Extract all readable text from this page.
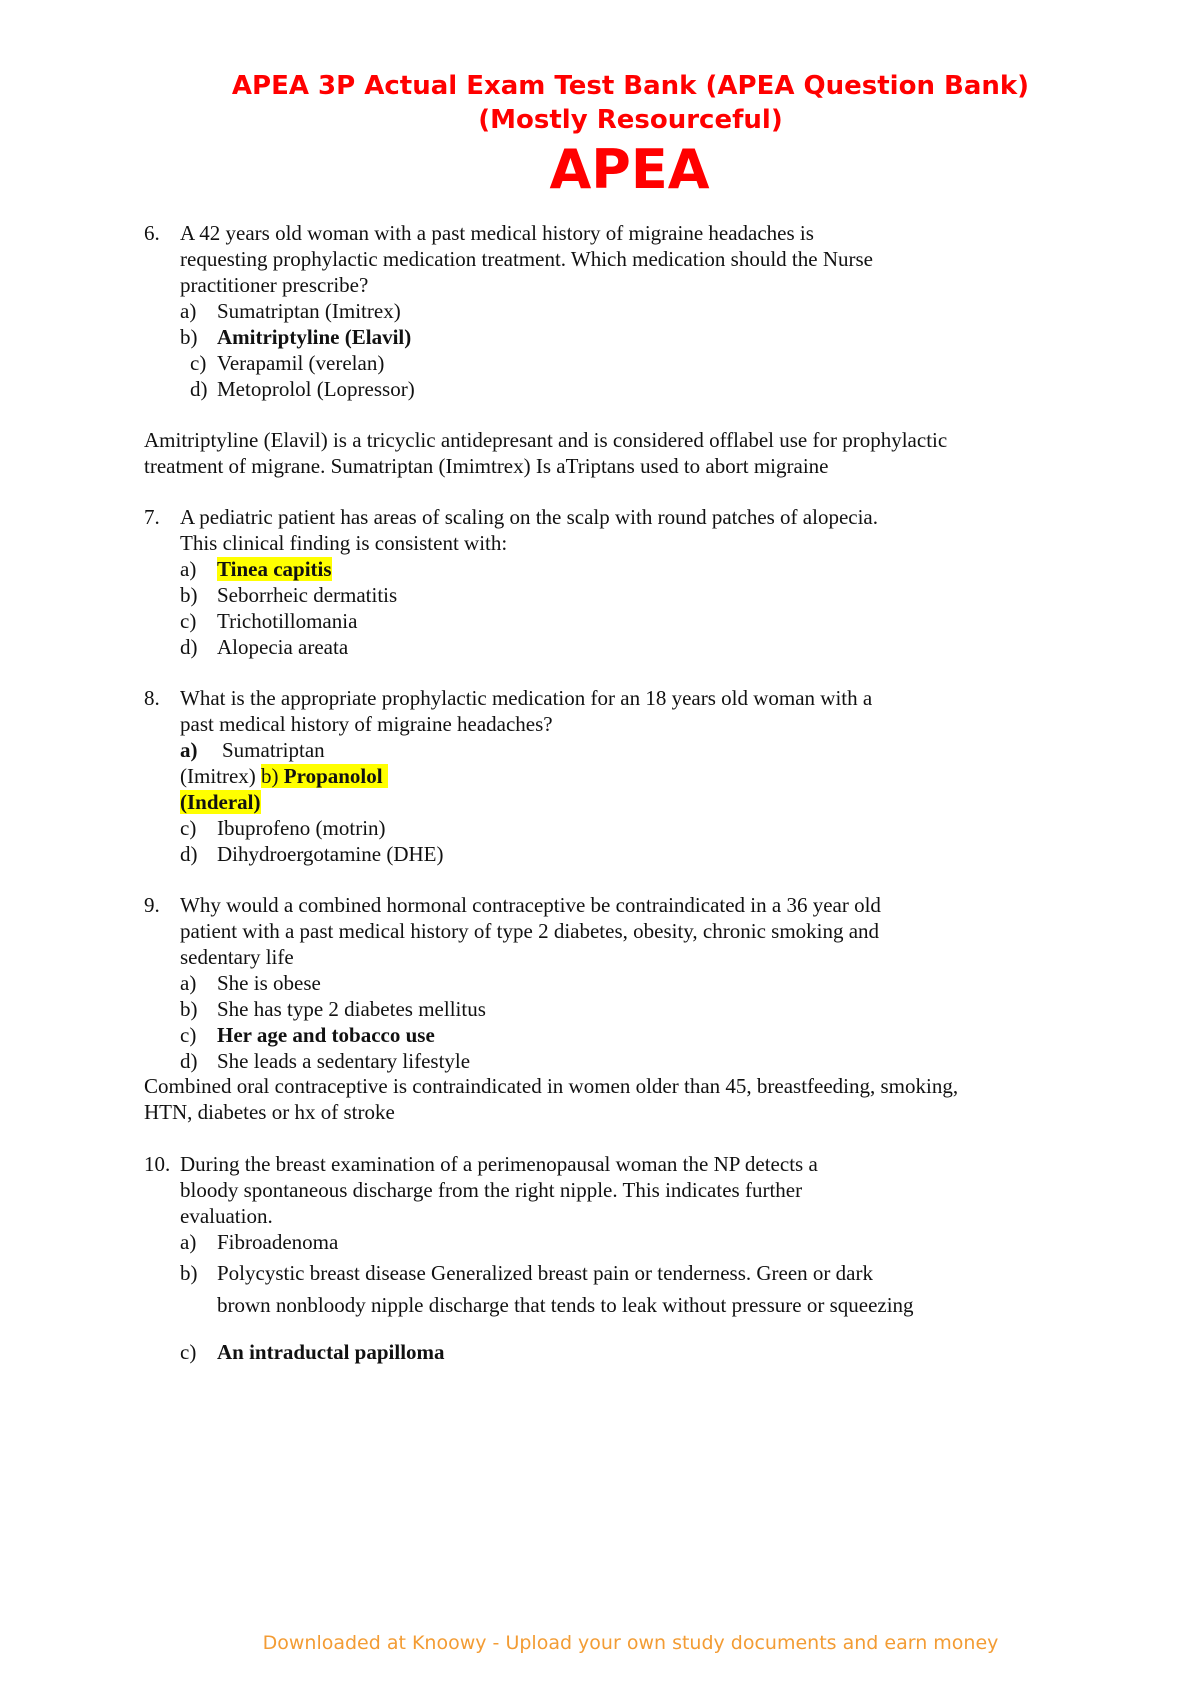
APEA 3P Actual Exam Test Bank (APEA Question Bank)
(Mostly Resourceful)
APEA
6. A 42 years old woman with a past medical history of migraine headaches is
requesting prophylactic medication treatment. Which medication should the Nurse
practitioner prescribe?
a) Sumatriptan (Imitrex)
b) Amitriptyline (Elavil)
c) Verapamil (verelan)
d) Metoprolol (Lopressor)
Amitriptyline (Elavil) is a tricyclic antidepresant and is considered offlabel use for prophylactic
treatment of migrane. Sumatriptan (Imimtrex) Is aTriptans used to abort migraine
7. A pediatric patient has areas of scaling on the scalp with round patches of alopecia.
This clinical finding is consistent with:
a) Tinea capitis
b) Seborrheic dermatitis
c) Trichotillomania
d) Alopecia areata
8. What is the appropriate prophylactic medication for an 18 years old woman with a
past medical history of migraine headaches?
a) Sumatriptan
(Imitrex) b) Propanolol
(Inderal)
c) Ibuprofeno (motrin)
d) Dihydroergotamine (DHE)
9. Why would a combined hormonal contraceptive be contraindicated in a 36 year old
patient with a past medical history of type 2 diabetes, obesity, chronic smoking and
sedentary life
a) She is obese
b) She has type 2 diabetes mellitus
c) Her age and tobacco use
d) She leads a sedentary lifestyle
Combined oral contraceptive is contraindicated in women older than 45, breastfeeding, smoking,
HTN, diabetes or hx of stroke
10. During the breast examination of a perimenopausal woman the NP detects a
bloody spontaneous discharge from the right nipple. This indicates further
evaluation.
a) Fibroadenoma
b) Polycystic breast disease Generalized breast pain or tenderness. Green or dark
brown nonbloody nipple discharge that tends to leak without pressure or squeezing
c) An intraductal papilloma
Downloaded at Knoowy - Upload your own study documents and earn money
